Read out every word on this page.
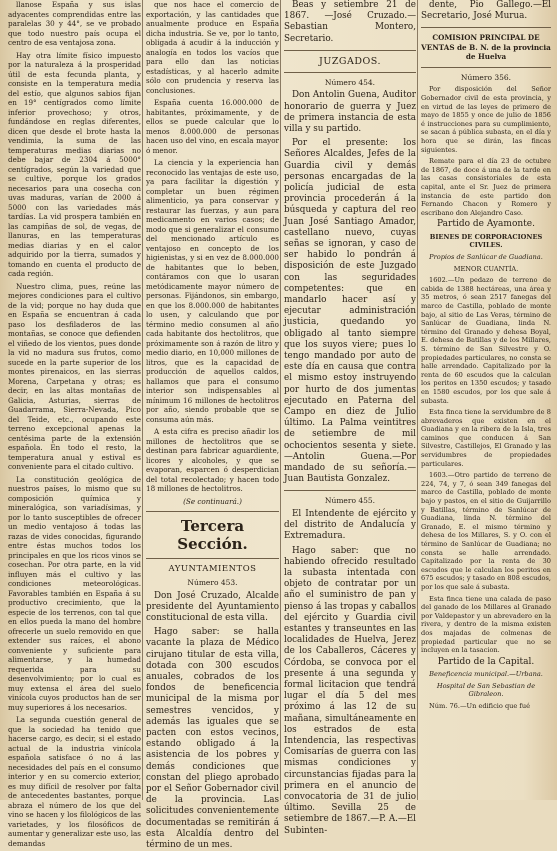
llanose España y sus islas adyacentes comprendidas entre las paralelas 30 y 44°, se ve probado que todo nuestro país ocupa el centro de esa ventajosa zona.

Hay otra límite físico impuesto por la naturaleza á la prosperidad útil de esta fecunda planta, y consiste en la temperatura media del estío, que algunos sabios fijan en 19° centígrados como límite inferior provechoso; y otros, fundándose en reglas diferentes, dicen que desde el brote hasta la vendimia, la suma de las temperaturas medias diarias no debe bajar de 2304 á 5000° centígrados, según la variedad que se cultive, porque los grados necesarios para una cosecha con uvas maduras, varían de 2000 á 5000 con las variedades más tardías. La vid prospera también en las campiñas de sol, de vegas, de llanuras, en las temperaturas medias diarias y en el calor adquirido por la tierra, sumados y tomando en cuenta el producto de cada región.

Nuestro clima, pues, reúne las mejores condiciones para el cultivo de la vid; porque no hay duda que en España se encuentran á cada paso los desfiladeros de las montañas, se conoce que defienden el viñedo de los vientos, pues donde la vid no madura sus frutos, como sucede en la parte superior de los montes pirenaicos, en las sierras Morena, Carpetana y otras; es decir, en las altas montañas de Galicia, Asturias, sierras de Guadarrama, Sierra-Nevada, Pico del Teide, etc., ocupando este terreno excepcional apenas la centésima parte de la extensión española. En todo el resto, la temperatura anual y estival es conveniente para el citado cultivo.

La constitución geológica de nuestros países, lo mismo que su composición química y mineralógica, son variadísimas, y por lo tanto susceptibles de ofrecer un medio ventajoso á todas las razas de vides conocidas, figurando entre éstas muchos todos los principales en que los ricos vinos se cosechan. Por otra parte, en la vid influyen más el cultivo y las condiciones meteorológicas. Favorables también en España á su productivo crecimiento, que la especie de los terrenos, con tal que en ellos pueda la mano del hombre ofrecerle un suelo removido en que extender sus raíces, el abono conveniente y suficiente para alimentarse, y la humedad requerida para su desenvolvimiento; por lo cual es muy extensa el área del suelo vinícola cuyos productos han de ser muy superiores á los necesarios.

La segunda cuestión general de que la sociedad ha tenido que hacerse cargo, es decir, si el estado actual de la industria vinícola española satisface ó no á las necesidades del país en el consumo interior y en su comercio exterior, es muy difícil de resolver por falta de antecedentes bastantes, porque abraza el número de los que del vino se hacen y los filológicos de las varietades, y los filosóficos de aumentar y generalizar este uso, las demandas

que nos hace el comercio de exportación, y las cantidades que anualmente produce en España dicha industria. Se ve, por lo tanto, obligada á acudir á la inducción y analogía en todos los vacíos que para ello dan las noticias estadísticas, y al hacerlo admite sólo con prudencia y reserva las conclusiones.

España cuenta 16.000.000 de habitantes, próximamente, y de ellos se puede calcular que lo menos 8.000.000 de personas hacen uso del vino, en escala mayor ó menor.

La ciencia y la experiencia han reconocido las ventajas de este uso, ya para facilitar la digestión y completar un buen régimen alimenticio, ya para conservar y restaurar las fuerzas, y aun para medicamento en varios casos; de modo que si generalizar el consumo del mencionado artículo es ventajoso en concepto de los higienistas, y si en vez de 8.000.000 de habitantes que lo beben, contáramos con que lo usaran metódicamente mayor número de personas. Fijándonos, sin embargo, en que los 8.000.000 de habitantes lo usen, y calculando que por término medio consumen al año cada habitante dos hectolitros, que próximamente son á razón de litro y medio diario, en 10,000 millones de litros, que es la capacidad de producción de aquellos caldos, hallamos que para el consumo interior son indispensables al mínimum 16 millones de hectolitros por año, siendo probable que se consuma aún más.

A esta cifra es preciso añadir los millones de hectolitros que se destinan para fabricar aguardiente, licores y alcoholes, y que se evaporan, esparcen ó desperdician del total recolectado; y hacen todo 18 millones de hectolitros.

(Se continuará.)

Tercera Sección.
AYUNTAMIENTOS
Número 453.

Don José Cruzado, Alcalde presidente del Ayuntamiento constitucional de esta villa.

Hago saber: se halla vacante la plaza de Médico cirujano titular de esta villa, dotada con 300 escudos anuales, cobrados de los fondos de beneficencia municipal de la misma por semestres vencidos, y además las iguales que se pacten con estos vecinos, estando obligado á la asistencia de los pobres y demás condiciones que constan del pliego aprobado por el Señor Gobernador civil de la provincia. Las solicitudes convenientemente documentadas se remitirán á esta Alcaldía dentro del término de un mes.

Beas y setiembre 21 de 1867. —José Cruzado.—Sebastian Montero, Secretario.

JUZGADOS.
Número 454.

Don Antolin Guena, Auditor honorario de guerra y Juez de primera instancia de esta villa y su partido.

Por el presente: los Señores Alcaldes, Jefes de la Guardia civil y demás personas encargadas de la policía judicial de esta provincia procederán á la búsqueda y captura del reo Juan José Santiago Amador, castellano nuevo, cuyas señas se ignoran, y caso de ser habido lo pondrán á disposición de este Juzgado con las seguridades competentes: que en mandarlo hacer así y ejecutar administración justicia, quedando yo obligado al tanto siempre que los suyos viere; pues lo tengo mandado por auto de este día en causa que contra el mismo estoy instruyendo por hurto de dos jumentas ejecutado en Paterna del Campo en diez de Julio último. La Palma veintitres de setiembre de mil ochocientos sesenta y siete.—Antolin Guena.—Por mandado de su señoría.—Juan Bautista Gonzalez.

Número 455.

El Intendente de ejército y del distrito de Andalucía y Extremadura.

Hago saber: que no habiendo ofrecido resultado la subasta intentada con objeto de contratar por un año el suministro de pan y pienso á las tropas y caballos del ejército y Guardia civil estantes y transeuntes en las localidades de Huelva, Jerez de los Caballeros, Cáceres y Córdoba, se convoca por el presente á una segunda y formal licitacion que tendrá lugar el día 5 del mes próximo á las 12 de su mañana, simultáneamente en los estrados de esta Intendencia, las respectivas Comisarías de guerra con las mismas condiciones y circunstancias fijadas para la primera en el anuncio de convocatoria de 31 de julio último. Sevilla 25 de setiembre de 1867.—P. A.—El Subinten-

dente, Pio Gallego.—El Secretario, José Murua.

COMISION PRINCIPAL DE VENTAS de B. N. de la provincia de Huelva

Número 356.

Por disposición del Señor Gobernador civil de esta provincia, y en virtud de las leyes de primero de mayo de 1855 y once de julio de 1856 é instrucciones para su cumplimiento, se sacan á pública subasta, en el día y hora que se dirán, las fincas siguientes.

Remate para el día 23 de octubre de 1867, de doce á una de la tarde en las casas consistoriales de esta capital, ante el Sr. Juez de primera instancia de este partido don Fernando Chacon y Romero y escribano don Alejandro Caso.

Partido de Ayamonte.

BIENES DE CORPORACIONES CIVILES.

Propios de Sanlúcar de Guadiana.

MENOR CUANTÍA.

1602.—Un pedazo de terreno de cabida de 1388 hectáreas, una área y 35 metros, ó sean 2517 fanegas del marco de Castilla, poblado de monte bajo, al sitio de Las Veras, término de Sanlúcar de Guadiana, linda N. término del Granado y dehesa Boyal, E. dehesa de Batillas y de los Millares, S. término de San Silvestre y O. propiedades particulares, no consta se halle arrendado. Capitalizado por la renta de 60 escudos que la calculan los peritos en 1350 escudos; y tasado en 1580 escudos, por los que sale á subasta.

Esta finca tiene la servidumbre de 8 abrevaderos que existen en el Guadiana y en la ribera de la Isla, tres caminos que conducen á San Silvestre, Castillejos, El Granado y las servidumbres de propiedades particulares.

1603.—Otro partido de terreno de 224, 74, y 7, ó sean 349 fanegas del marco de Castilla, poblado de monte bajo y pastos, en el sitio de Guijarrillo y Batillas, término de Sanlúcar de Guadiana, linda N. término del Granado, E. el mismo término y dehesa de los Millares, S. y O. con el término de Sanlúcar de Guadiana; no consta se halle arrendado. Capitalizado por la renta de 30 escudos que le calculan los peritos en 675 escudos; y tasado en 808 escudos, por los que sale á subasta.

Esta finca tiene una calada de paso del ganado de los Millares al Granado por Valdepastor y un abrevadero en la rivera, y dentro de la misma existen dos majadas de colmenas de propiedad particular que no se incluyen en la tasacion.

Partido de la Capital.

Beneficencia municipal.—Urbana.

Hospital de San Sebastian de Gibraleon.

Núm. 76.—Un edificio que fué
